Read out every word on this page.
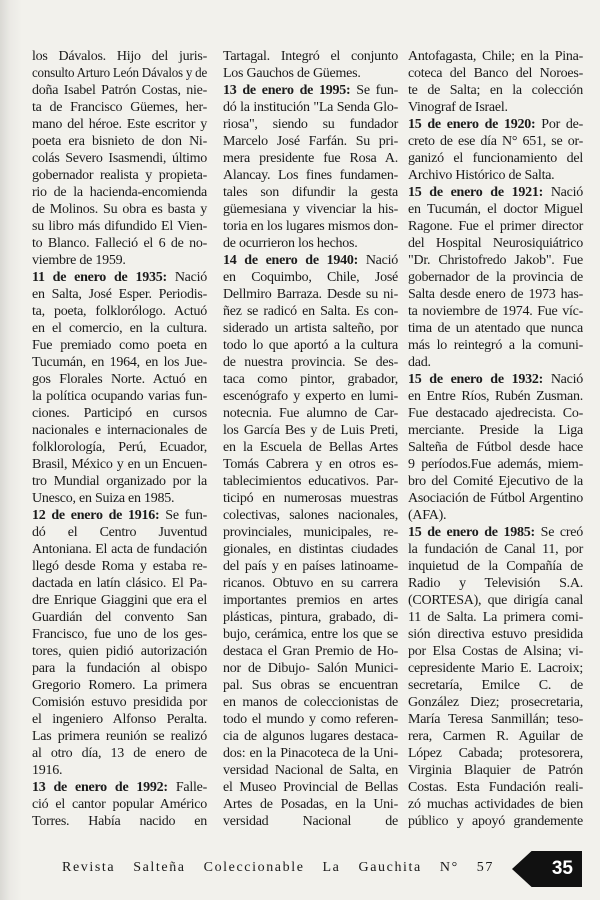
los Dávalos. Hijo del juris-
consulto Arturo León Dávalos y de
doña Isabel Patrón Costas, nie-
ta de Francisco Güemes, her-
mano del héroe. Este escritor y
poeta era bisnieto de don Ni-
colás Severo Isasmendi, último
gobernador realista y propieta-
rio de la hacienda-encomienda
de Molinos. Su obra es basta y
su libro más difundido El Vien-
to Blanco. Falleció el 6 de no-
viembre de 1959.
11 de enero de 1935: Nació
en Salta, José Esper. Periodis-
ta, poeta, folklorólogo. Actuó
en el comercio, en la cultura.
Fue premiado como poeta en
Tucumán, en 1964, en los Jue-
gos Florales Norte. Actuó en
la política ocupando varias fun-
ciones. Participó en cursos
nacionales e internacionales de
folklorología, Perú, Ecuador,
Brasil, México y en un Encuen-
tro Mundial organizado por la
Unesco, en Suiza en 1985.
12 de enero de 1916: Se fun-
dó el Centro Juventud
Antoniana. El acta de fundación
llegó desde Roma y estaba re-
dactada en latín clásico. El Pa-
dre Enrique Giaggini que era el
Guardián del convento San
Francisco, fue uno de los ges-
tores, quien pidió autorización
para la fundación al obispo
Gregorio Romero. La primera
Comisión estuvo presidida por
el ingeniero Alfonso Peralta.
Las primera reunión se realizó
al otro día, 13 de enero de
1916.
13 de enero de 1992: Falle-
ció el cantor popular Américo
Torres. Había nacido en
Tartagal. Integró el conjunto
Los Gauchos de Güemes.
13 de enero de 1995: Se fun-
dó la institución "La Senda Glo-
riosa", siendo su fundador
Marcelo José Farfán. Su pri-
mera presidente fue Rosa A.
Alancay. Los fines fundamen-
tales son difundir la gesta
güemesiana y vivenciar la his-
toria en los lugares mismos don-
de ocurrieron los hechos.
14 de enero de 1940: Nació
en Coquimbo, Chile, José
Dellmiro Barraza. Desde su ni-
ñez se radicó en Salta. Es con-
siderado un artista salteño, por
todo lo que aportó a la cultura
de nuestra provincia. Se des-
taca como pintor, grabador,
escenógrafo y experto en lumi-
notecnia. Fue alumno de Car-
los García Bes y de Luis Preti,
en la Escuela de Bellas Artes
Tomás Cabrera y en otros es-
tablecimientos educativos. Par-
ticipó en numerosas muestras
colectivas, salones nacionales,
provinciales, municipales, re-
gionales, en distintas ciudades
del país y en países latinoame-
ricanos. Obtuvo en su carrera
importantes premios en artes
plásticas, pintura, grabado, di-
bujo, cerámica, entre los que se
destaca el Gran Premio de Ho-
nor de Dibujo- Salón Munici-
pal. Sus obras se encuentran
en manos de coleccionistas de
todo el mundo y como referen-
cia de algunos lugares destaca-
dos: en la Pinacoteca de la Uni-
versidad Nacional de Salta, en
el Museo Provincial de Bellas
Artes de Posadas, en la Uni-
versidad Nacional de
Antofagasta, Chile; en la Pina-
coteca del Banco del Noroes-
te de Salta; en la colección
Vinograf de Israel.
15 de enero de 1920: Por de-
creto de ese día N° 651, se or-
ganizó el funcionamiento del
Archivo Histórico de Salta.
15 de enero de 1921: Nació
en Tucumán, el doctor Miguel
Ragone. Fue el primer director
del Hospital Neurosiquiátrico
"Dr. Christofredo Jakob". Fue
gobernador de la provincia de
Salta desde enero de 1973 has-
ta noviembre de 1974. Fue víc-
tima de un atentado que nunca
más lo reintegró a la comuni-
dad.
15 de enero de 1932: Nació
en Entre Ríos, Rubén Zusman.
Fue destacado ajedrecista. Co-
merciante. Preside la Liga
Salteña de Fútbol desde hace
9 períodos.Fue además, miem-
bro del Comité Ejecutivo de la
Asociación de Fútbol Argentino
(AFA).
15 de enero de 1985: Se creó
la fundación de Canal 11, por
inquietud de la Compañía de
Radio y Televisión S.A.
(CORTESA), que dirigía canal
11 de Salta. La primera comi-
sión directiva estuvo presidida
por Elsa Costas de Alsina; vi-
cepresidente Mario E. Lacroix;
secretaría, Emilce C. de
González Diez; prosecretaria,
María Teresa Sanmillán; teso-
rera, Carmen R. Aguilar de
López Cabada; protesorera,
Virginia Blaquier de Patrón
Costas. Esta Fundación reali-
zó muchas actividades de bien
público y apoyó grandemente
Revista Salteña Coleccionable La Gauchita N° 57	35
